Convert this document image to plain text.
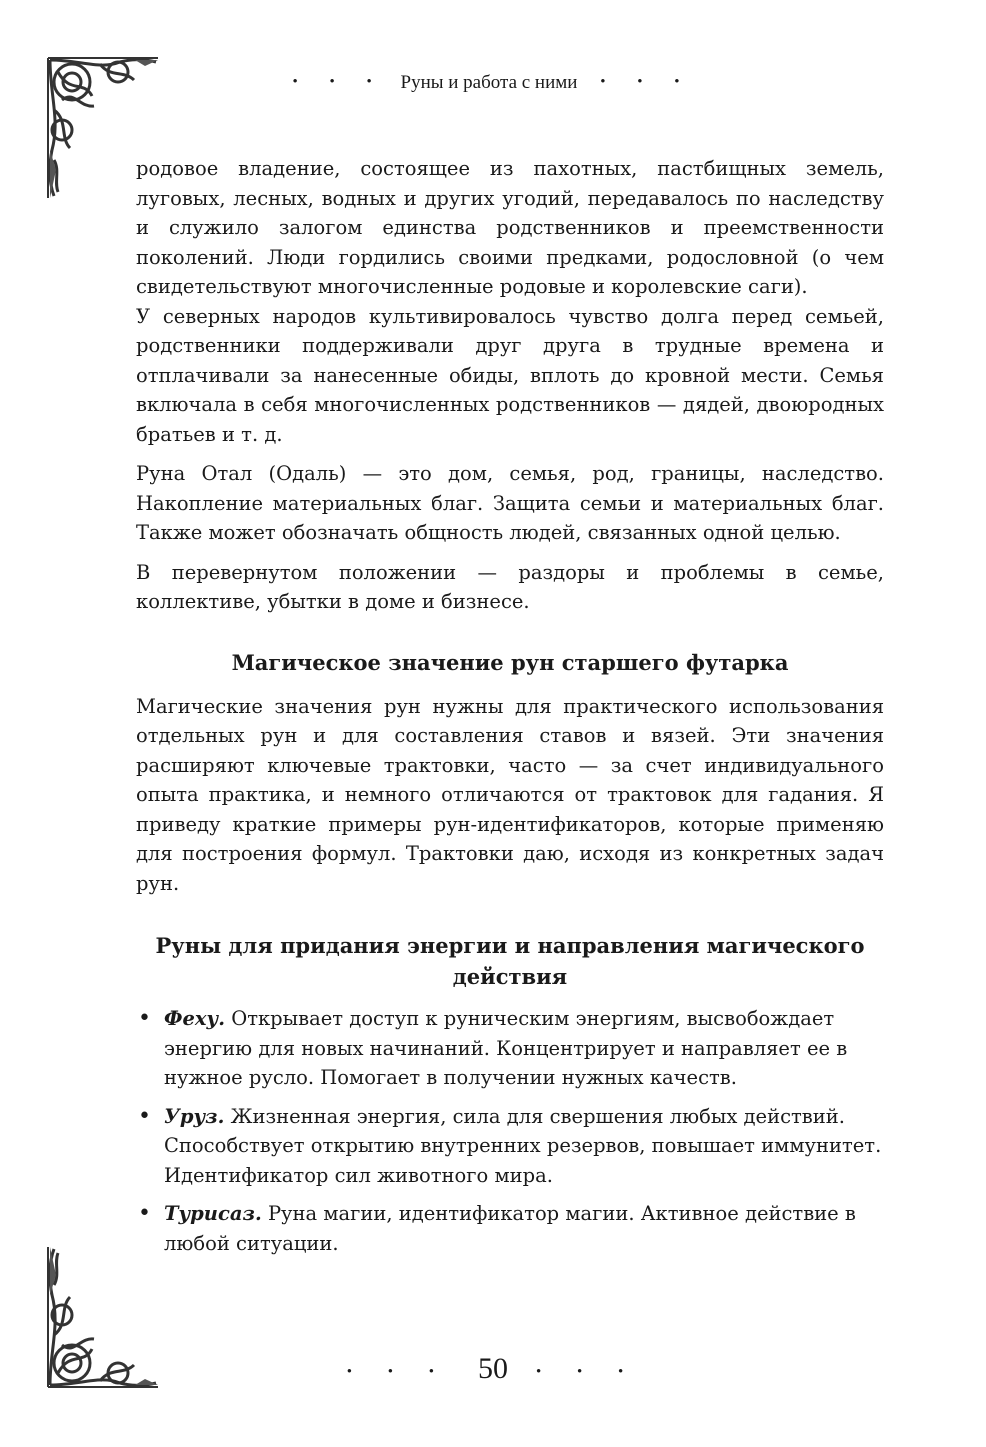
• • • Руны и работа с ними • • •

родовое владение, состоящее из пахотных, пастбищных земель, луговых, лесных, водных и других угодий, передавалось по наследству и служило залогом единства родственников и преемственности поколений. Люди гордились своими предками, родословной (о чем свидетельствуют многочисленные родовые и королевские саги).
У северных народов культивировалось чувство долга перед семьей, родственники поддерживали друг друга в трудные времена и отплачивали за нанесенные обиды, вплоть до кровной мести. Семья включала в себя многочисленных родственников — дядей, двоюродных братьев и т. д.

Руна Отал (Одаль) — это дом, семья, род, границы, наследство. Накопление материальных благ. Защита семьи и материальных благ. Также может обозначать общность людей, связанных одной целью.

В перевернутом положении — раздоры и проблемы в семье, коллективе, убытки в доме и бизнесе.

Магическое значение рун старшего футарка

Магические значения рун нужны для практического использования отдельных рун и для составления ставов и вязей. Эти значения расширяют ключевые трактовки, часто — за счет индивидуального опыта практика, и немного отличаются от трактовок для гадания. Я приведу краткие примеры рун-идентификаторов, которые применяю для построения формул. Трактовки даю, исходя из конкретных задач рун.

Руны для придания энергии и направления магического действия
• Феху. Открывает доступ к руническим энергиям, высвобождает энергию для новых начинаний. Концентрирует и направляет ее в нужное русло. Помогает в получении нужных качеств.
• Уруз. Жизненная энергия, сила для свершения любых действий. Способствует открытию внутренних резервов, повышает иммунитет. Идентификатор сил животного мира.
• Турисаз. Руна магии, идентификатор магии. Активное действие в любой ситуации.
• • • 50 • • •
